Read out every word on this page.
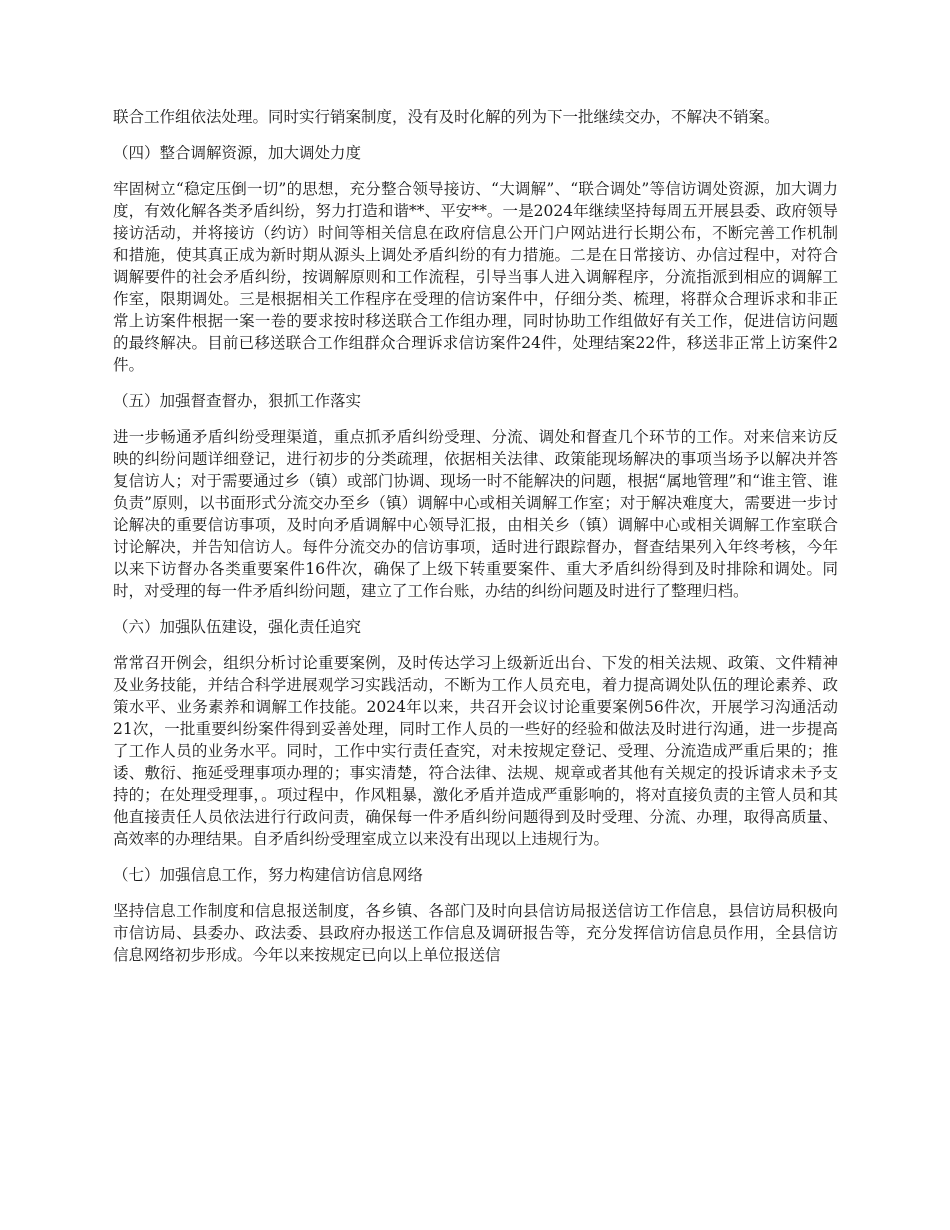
联合工作组依法处理。同时实行销案制度，没有及时化解的列为下一批继续交办，不解决不销案。

（四）整合调解资源，加大调处力度

牢固树立“稳定压倒一切”的思想，充分整合领导接访、“大调解”、“联合调处”等信访调处资源，加大调力度，有效化解各类矛盾纠纷，努力打造和谐**、平安**。一是2024年继续坚持每周五开展县委、政府领导接访活动，并将接访（约访）时间等相关信息在政府信息公开门户网站进行长期公布，不断完善工作机制和措施，使其真正成为新时期从源头上调处矛盾纠纷的有力措施。二是在日常接访、办信过程中，对符合调解要件的社会矛盾纠纷，按调解原则和工作流程，引导当事人进入调解程序，分流指派到相应的调解工作室，限期调处。三是根据相关工作程序在受理的信访案件中，仔细分类、梳理，将群众合理诉求和非正常上访案件根据一案一卷的要求按时移送联合工作组办理，同时协助工作组做好有关工作，促进信访问题的最终解决。目前已移送联合工作组群众合理诉求信访案件24件，处理结案22件，移送非正常上访案件2件。

（五）加强督查督办，狠抓工作落实

进一步畅通矛盾纠纷受理渠道，重点抓矛盾纠纷受理、分流、调处和督查几个环节的工作。对来信来访反映的纠纷问题详细登记，进行初步的分类疏理，依据相关法律、政策能现场解决的事项当场予以解决并答复信访人；对于需要通过乡（镇）或部门协调、现场一时不能解决的问题，根据“属地管理”和“谁主管、谁负责”原则，以书面形式分流交办至乡（镇）调解中心或相关调解工作室；对于解决难度大，需要进一步讨论解决的重要信访事项，及时向矛盾调解中心领导汇报，由相关乡（镇）调解中心或相关调解工作室联合讨论解决，并告知信访人。每件分流交办的信访事项，适时进行跟踪督办，督查结果列入年终考核，今年以来下访督办各类重要案件16件次，确保了上级下转重要案件、重大矛盾纠纷得到及时排除和调处。同时，对受理的每一件矛盾纠纷问题，建立了工作台账，办结的纠纷问题及时进行了整理归档。

（六）加强队伍建设，强化责任追究

常常召开例会，组织分析讨论重要案例，及时传达学习上级新近出台、下发的相关法规、政策、文件精神及业务技能，并结合科学进展观学习实践活动，不断为工作人员充电，着力提高调处队伍的理论素养、政策水平、业务素养和调解工作技能。2024年以来，共召开会议讨论重要案例56件次，开展学习沟通活动21次，一批重要纠纷案件得到妥善处理，同时工作人员的一些好的经验和做法及时进行沟通，进一步提高了工作人员的业务水平。同时，工作中实行责任查究，对未按规定登记、受理、分流造成严重后果的；推诿、敷衍、拖延受理事项办理的；事实清楚，符合法律、法规、规章或者其他有关规定的投诉请求未予支持的；在处理受理事，。项过程中，作风粗暴，激化矛盾并造成严重影响的，将对直接负责的主管人员和其他直接责任人员依法进行行政问责，确保每一件矛盾纠纷问题得到及时受理、分流、办理，取得高质量、高效率的办理结果。自矛盾纠纷受理室成立以来没有出现以上违规行为。

（七）加强信息工作，努力构建信访信息网络

坚持信息工作制度和信息报送制度，各乡镇、各部门及时向县信访局报送信访工作信息，县信访局积极向市信访局、县委办、政法委、县政府办报送工作信息及调研报告等，充分发挥信访信息员作用，全县信访信息网络初步形成。今年以来按规定已向以上单位报送信
